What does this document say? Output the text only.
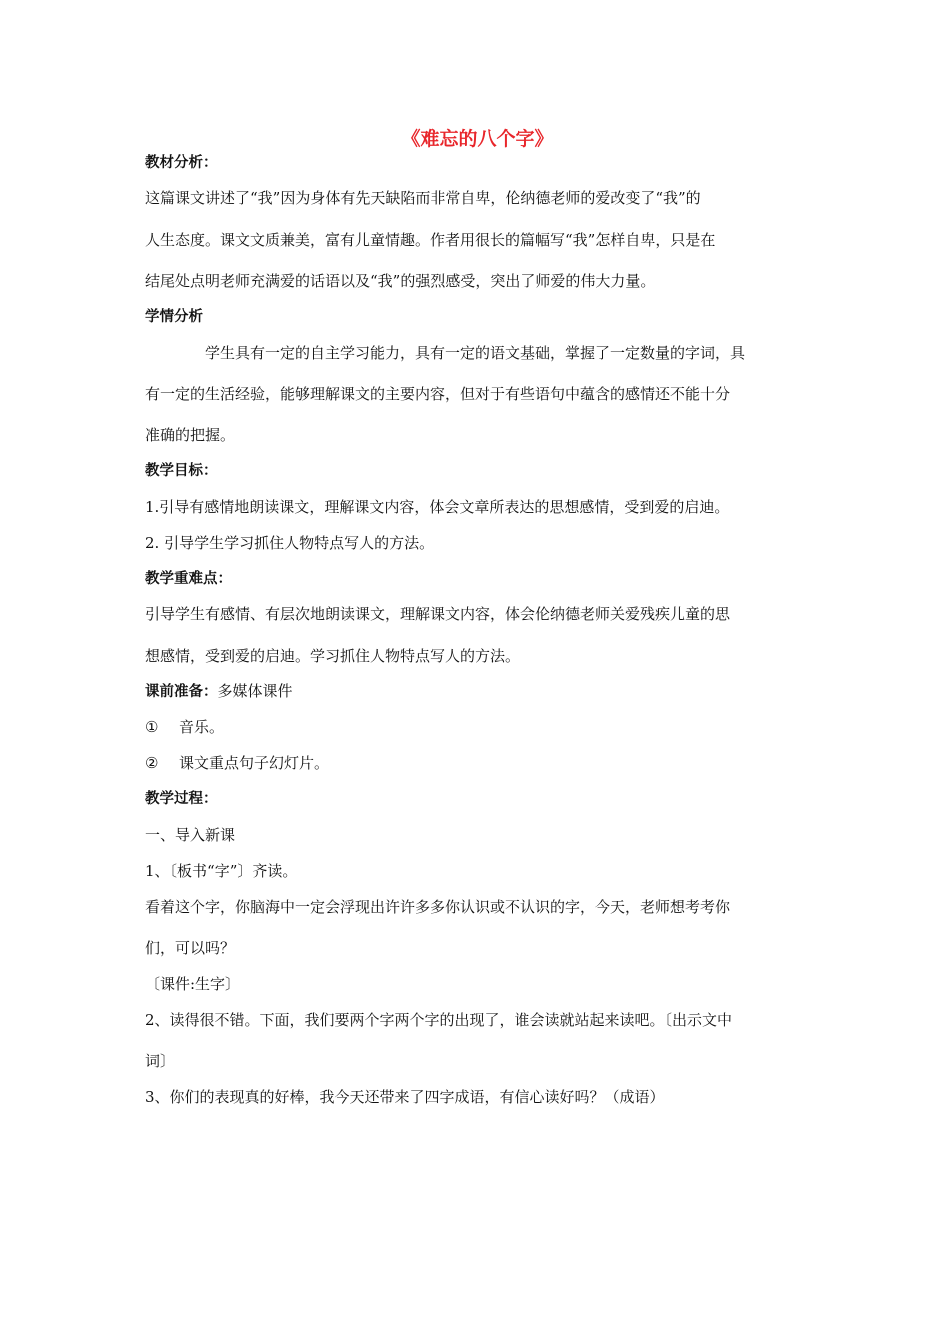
《难忘的八个字》
教材分析：
这篇课文讲述了“我”因为身体有先天缺陷而非常自卑，伦纳德老师的爱改变了“我”的
人生态度。课文文质兼美，富有儿童情趣。作者用很长的篇幅写“我”怎样自卑，只是在
结尾处点明老师充满爱的话语以及“我”的强烈感受，突出了师爱的伟大力量。
学情分析
学生具有一定的自主学习能力，具有一定的语文基础，掌握了一定数量的字词，具
有一定的生活经验，能够理解课文的主要内容，但对于有些语句中蕴含的感情还不能十分
准确的把握。
教学目标：
1.引导有感情地朗读课文，理解课文内容，体会文章所表达的思想感情，受到爱的启迪。
2. 引导学生学习抓住人物特点写人的方法。
教学重难点：
引导学生有感情、有层次地朗读课文，理解课文内容，体会伦纳德老师关爱残疾儿童的思
想感情，受到爱的启迪。学习抓住人物特点写人的方法。
课前准备：多媒体课件
① 音乐。
② 课文重点句子幻灯片。
教学过程：
一、导入新课
1、〔板书“字”〕齐读。
看着这个字，你脑海中一定会浮现出许许多多你认识或不认识的字，今天，老师想考考你
们，可以吗？
〔课件:生字〕
2、读得很不错。下面，我们要两个字两个字的出现了，谁会读就站起来读吧。〔出示文中
词〕
3、你们的表现真的好棒，我今天还带来了四字成语，有信心读好吗？（成语）
